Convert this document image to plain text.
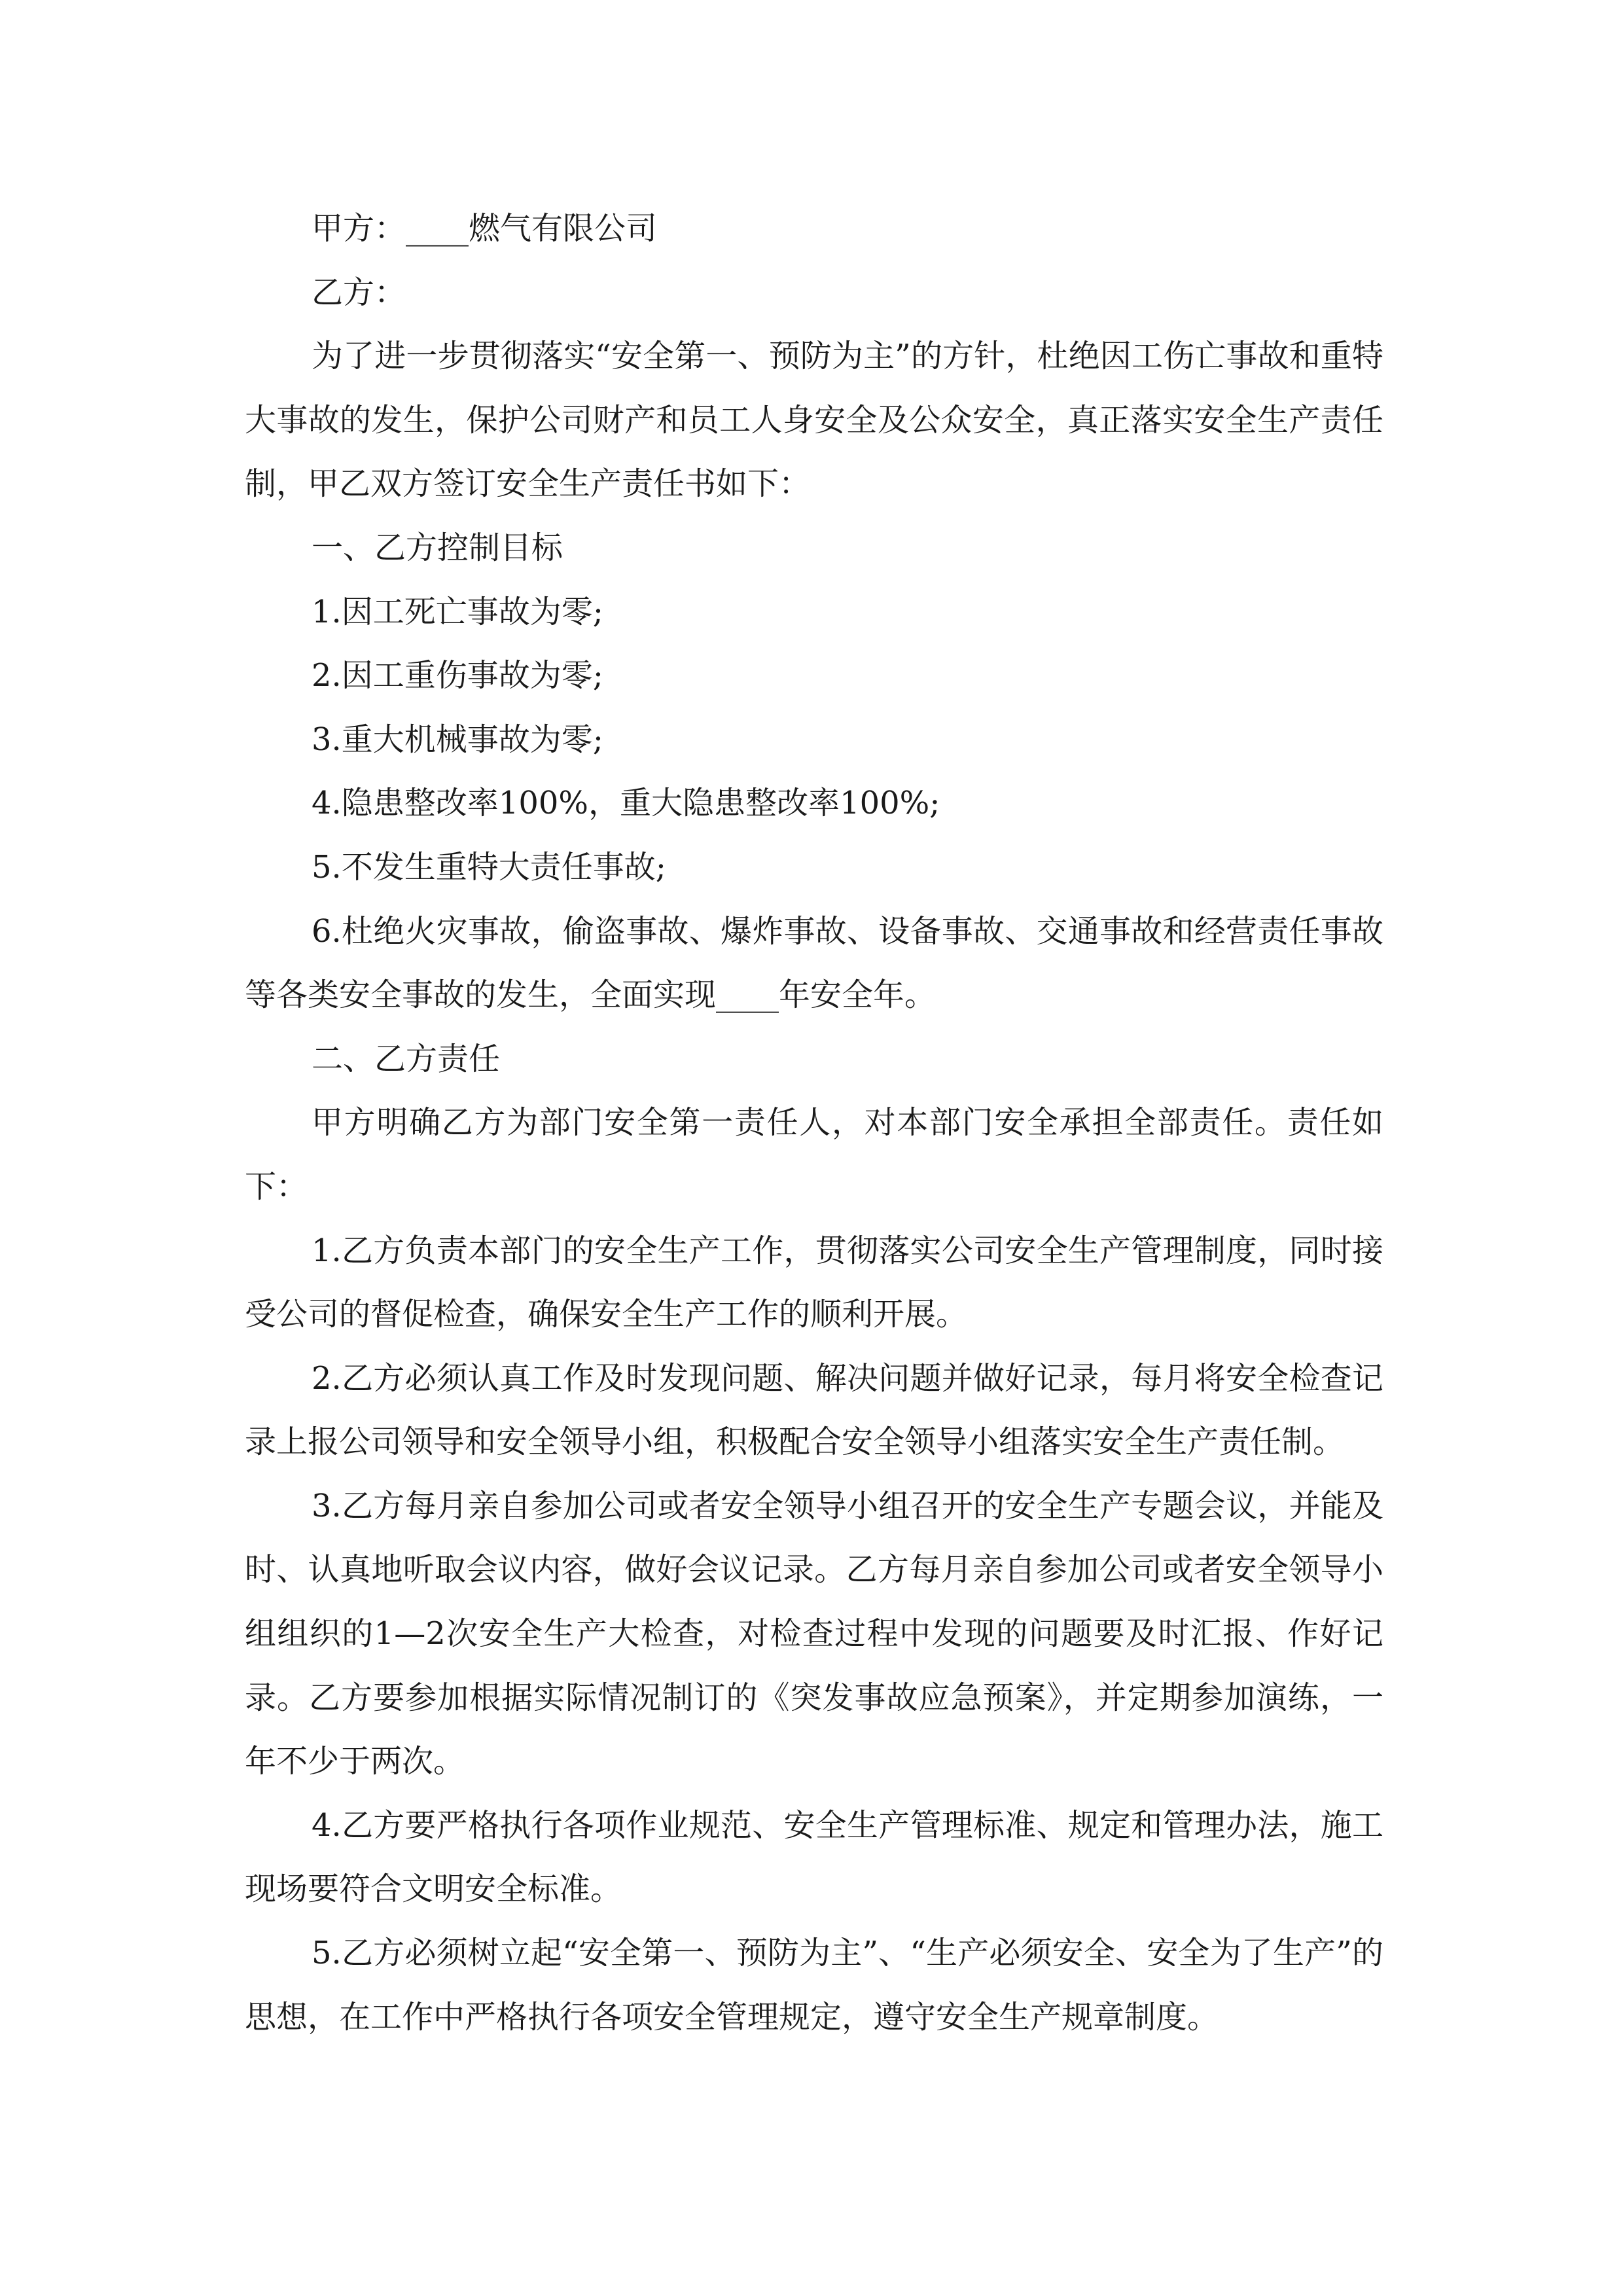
甲方：____燃气有限公司

乙方：

为了进一步贯彻落实“安全第一、预防为主”的方针，杜绝因工伤亡事故和重特大事故的发生，保护公司财产和员工人身安全及公众安全，真正落实安全生产责任制，甲乙双方签订安全生产责任书如下：

一、乙方控制目标

1.因工死亡事故为零;

2.因工重伤事故为零;

3.重大机械事故为零;

4.隐患整改率100%，重大隐患整改率100%;

5.不发生重特大责任事故;

6.杜绝火灾事故，偷盗事故、爆炸事故、设备事故、交通事故和经营责任事故等各类安全事故的发生，全面实现____年安全年。

二、乙方责任

甲方明确乙方为部门安全第一责任人，对本部门安全承担全部责任。责任如下：

1.乙方负责本部门的安全生产工作，贯彻落实公司安全生产管理制度，同时接受公司的督促检查，确保安全生产工作的顺利开展。

2.乙方必须认真工作及时发现问题、解决问题并做好记录，每月将安全检查记录上报公司领导和安全领导小组，积极配合安全领导小组落实安全生产责任制。

3.乙方每月亲自参加公司或者安全领导小组召开的安全生产专题会议，并能及时、认真地听取会议内容，做好会议记录。乙方每月亲自参加公司或者安全领导小组组织的1—2次安全生产大检查，对检查过程中发现的问题要及时汇报、作好记录。乙方要参加根据实际情况制订的《突发事故应急预案》，并定期参加演练，一年不少于两次。

4.乙方要严格执行各项作业规范、安全生产管理标准、规定和管理办法，施工现场要符合文明安全标准。

5.乙方必须树立起“安全第一、预防为主”、“生产必须安全、安全为了生产”的思想，在工作中严格执行各项安全管理规定，遵守安全生产规章制度。
